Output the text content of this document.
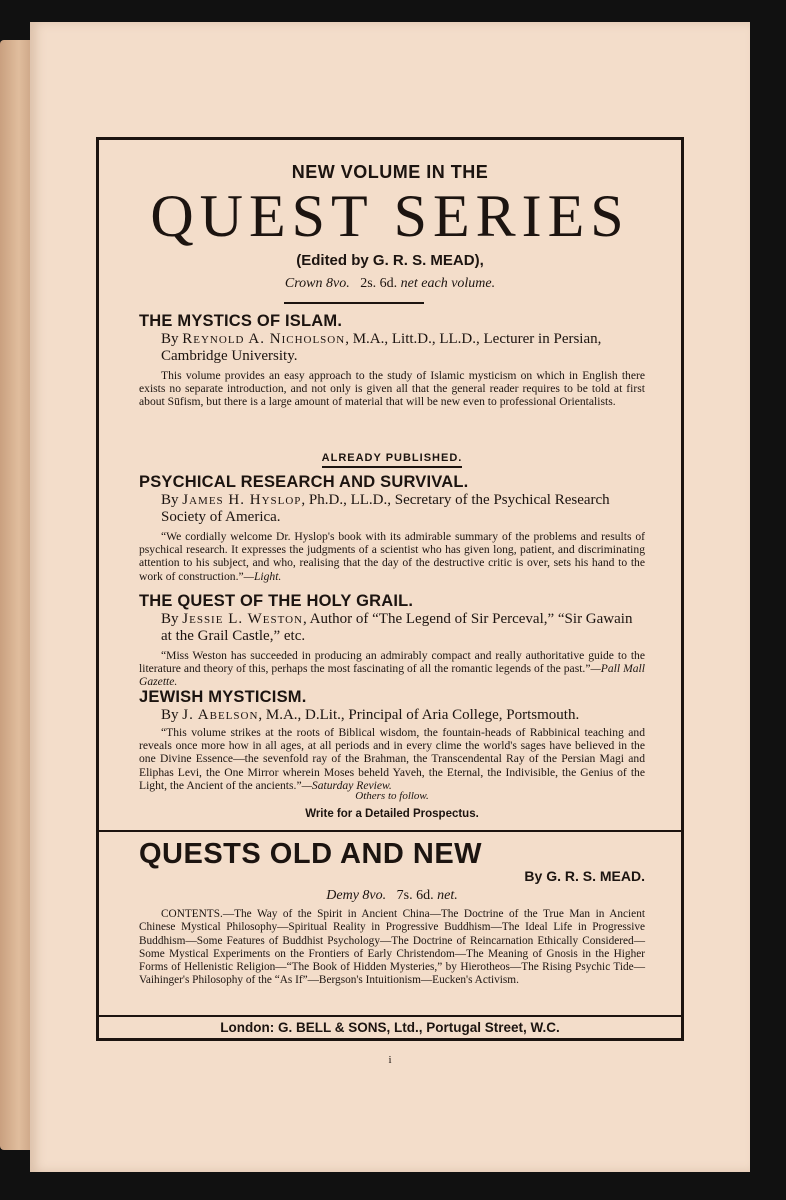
NEW VOLUME IN THE
QUEST SERIES
(Edited by G. R. S. MEAD),
Crown 8vo. 2s. 6d. net each volume.
THE MYSTICS OF ISLAM.
By Reynold A. Nicholson, M.A., Litt.D., LL.D., Lecturer in Persian, Cambridge University.
This volume provides an easy approach to the study of Islamic mysticism on which in English there exists no separate introduction, and not only is given all that the general reader requires to be told at first about Sūfism, but there is a large amount of material that will be new even to professional Orientalists.
ALREADY PUBLISHED.
PSYCHICAL RESEARCH AND SURVIVAL.
By James H. Hyslop, Ph.D., LL.D., Secretary of the Psychical Research Society of America.
“We cordially welcome Dr. Hyslop's book with its admirable summary of the problems and results of psychical research. It expresses the judgments of a scientist who has given long, patient, and discriminating attention to his subject, and who, realising that the day of the destructive critic is over, sets his hand to the work of construction.”—Light.
THE QUEST OF THE HOLY GRAIL.
By Jessie L. Weston, Author of “The Legend of Sir Perceval,” “Sir Gawain at the Grail Castle,” etc.
“Miss Weston has succeeded in producing an admirably compact and really authoritative guide to the literature and theory of this, perhaps the most fascinating of all the romantic legends of the past.”—Pall Mall Gazette.
JEWISH MYSTICISM.
By J. Abelson, M.A., D.Lit., Principal of Aria College, Portsmouth.
“This volume strikes at the roots of Biblical wisdom, the fountain-heads of Rabbinical teaching and reveals once more how in all ages, at all periods and in every clime the world's sages have believed in the one Divine Essence—the sevenfold ray of the Brahman, the Transcendental Ray of the Persian Magi and Eliphas Levi, the One Mirror wherein Moses beheld Yaveh, the Eternal, the Indivisible, the Genius of the Light, the Ancient of the ancients.”—Saturday Review.
Others to follow.
Write for a Detailed Prospectus.
QUESTS OLD AND NEW
By G. R. S. MEAD.
Demy 8vo. 7s. 6d. net.
CONTENTS.—The Way of the Spirit in Ancient China—The Doctrine of the True Man in Ancient Chinese Mystical Philosophy—Spiritual Reality in Progressive Buddhism—The Ideal Life in Progressive Buddhism—Some Features of Buddhist Psychology—The Doctrine of Reincarnation Ethically Considered—Some Mystical Experiments on the Frontiers of Early Christendom—The Meaning of Gnosis in the Higher Forms of Hellenistic Religion—“The Book of Hidden Mysteries,” by Hierotheos—The Rising Psychic Tide—Vaihinger's Philosophy of the “As If”—Bergson's Intuitionism—Eucken's Activism.
London: G. BELL & SONS, Ltd., Portugal Street, W.C.
i
